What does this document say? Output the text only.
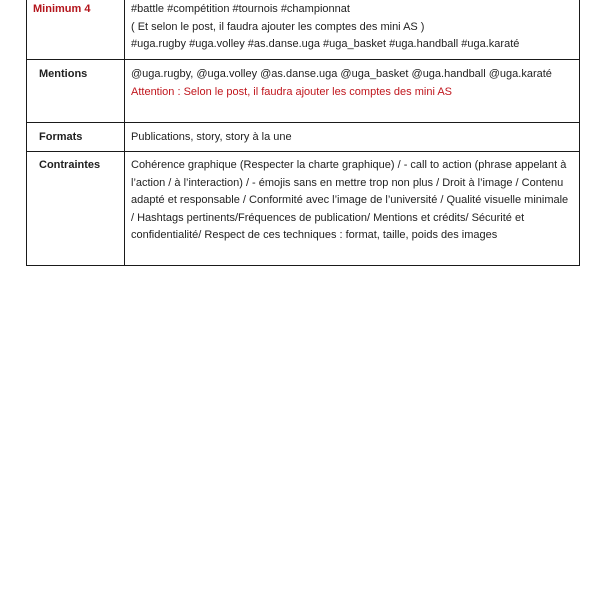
Minimum 4	#battle #compétition #tournois #championnat
( Et selon le post, il faudra ajouter les comptes des mini AS )
#uga.rugby #uga.volley #as.danse.uga #uga_basket #uga.handball #uga.karaté

Mentions	@uga.rugby, @uga.volley @as.danse.uga @uga_basket @uga.handball @uga.karaté
Attention : Selon le post, il faudra ajouter les comptes des mini AS

Formats	Publications, story, story à la une
Contraintes	Cohérence graphique (Respecter la charte graphique) / - call to action (phrase appelant à l’action / à l’interaction) / - émojis sans en mettre trop non plus / Droit à l’image / Contenu adapté et responsable / Conformité avec l’image de l’université / Qualité visuelle minimale / Hashtags pertinents/Fréquences de publication/ Mentions et crédits/ Sécurité et confidentialité/ Respect de ces techniques : format, taille, poids des images
